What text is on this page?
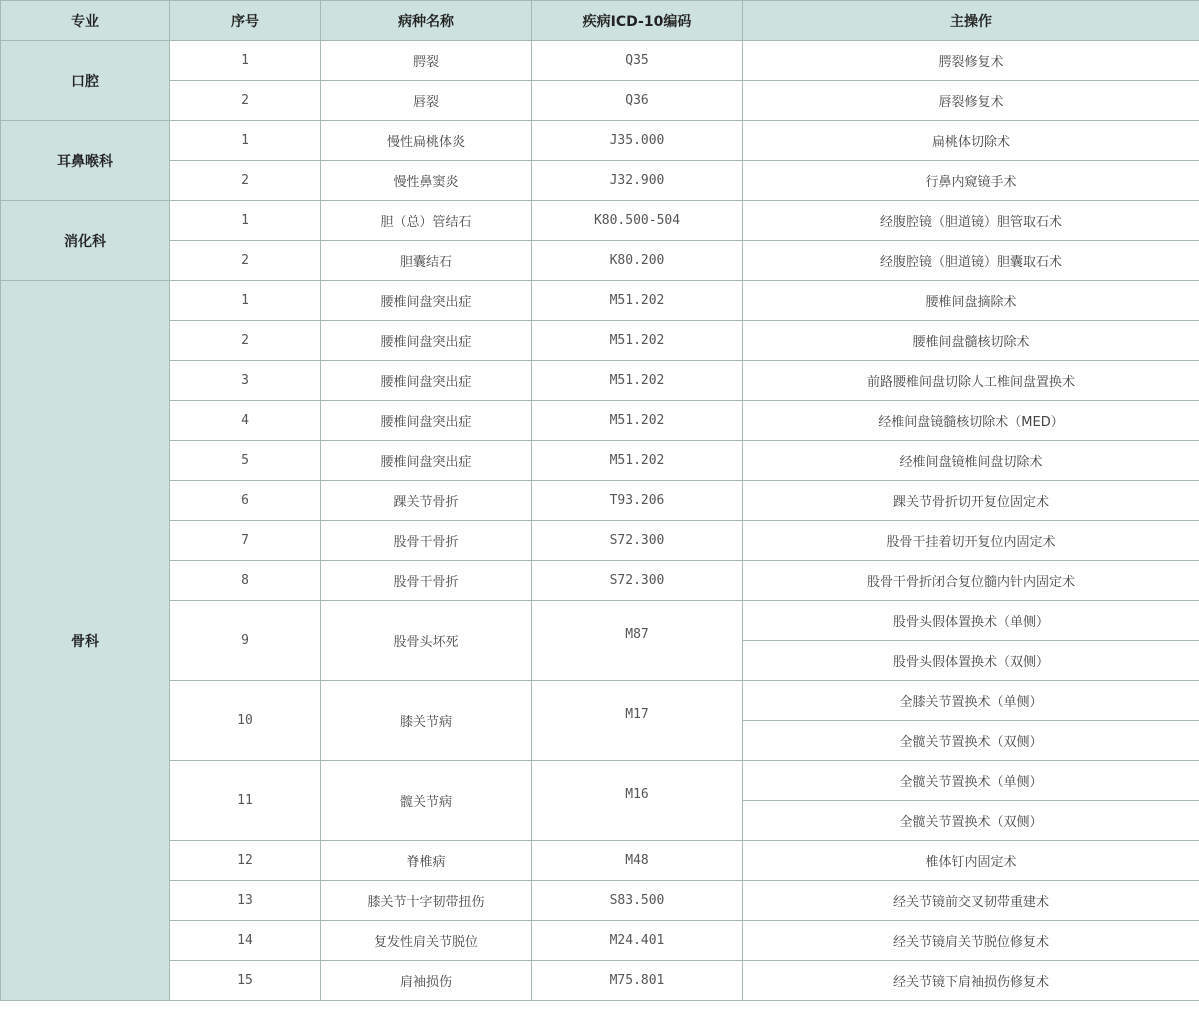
专业	序号	病种名称	疾病ICD-10编码	主操作
口腔	1	腭裂	Q35	腭裂修复术
	2	唇裂	Q36	唇裂修复术
耳鼻喉科	1	慢性扁桃体炎	J35.000	扁桃体切除术
	2	慢性鼻窦炎	J32.900	行鼻内窥镜手术
消化科	1	胆（总）管结石	K80.500-504	经腹腔镜（胆道镜）胆管取石术
	2	胆囊结石	K80.200	经腹腔镜（胆道镜）胆囊取石术
骨科	1	腰椎间盘突出症	M51.202	腰椎间盘摘除术
	2	腰椎间盘突出症	M51.202	腰椎间盘髓核切除术
	3	腰椎间盘突出症	M51.202	前路腰椎间盘切除人工椎间盘置换术
	4	腰椎间盘突出症	M51.202	经椎间盘镜髓核切除术（MED）
	5	腰椎间盘突出症	M51.202	经椎间盘镜椎间盘切除术
	6	踝关节骨折	T93.206	踝关节骨折切开复位固定术
	7	股骨干骨折	S72.300	股骨干挂着切开复位内固定术
	8	股骨干骨折	S72.300	股骨干骨折闭合复位髓内针内固定术
	9	股骨头坏死	M87	股骨头假体置换术（单侧）
				股骨头假体置换术（双侧）
	10	膝关节病	M17	全膝关节置换术（单侧）
				全髋关节置换术（双侧）
	11	髋关节病	M16	全髋关节置换术（单侧）
				全髋关节置换术（双侧）
	12	脊椎病	M48	椎体钉内固定术
	13	膝关节十字韧带扭伤	S83.500	经关节镜前交叉韧带重建术
	14	复发性肩关节脱位	M24.401	经关节镜肩关节脱位修复术
	15	肩袖损伤	M75.801	经关节镜下肩袖损伤修复术
